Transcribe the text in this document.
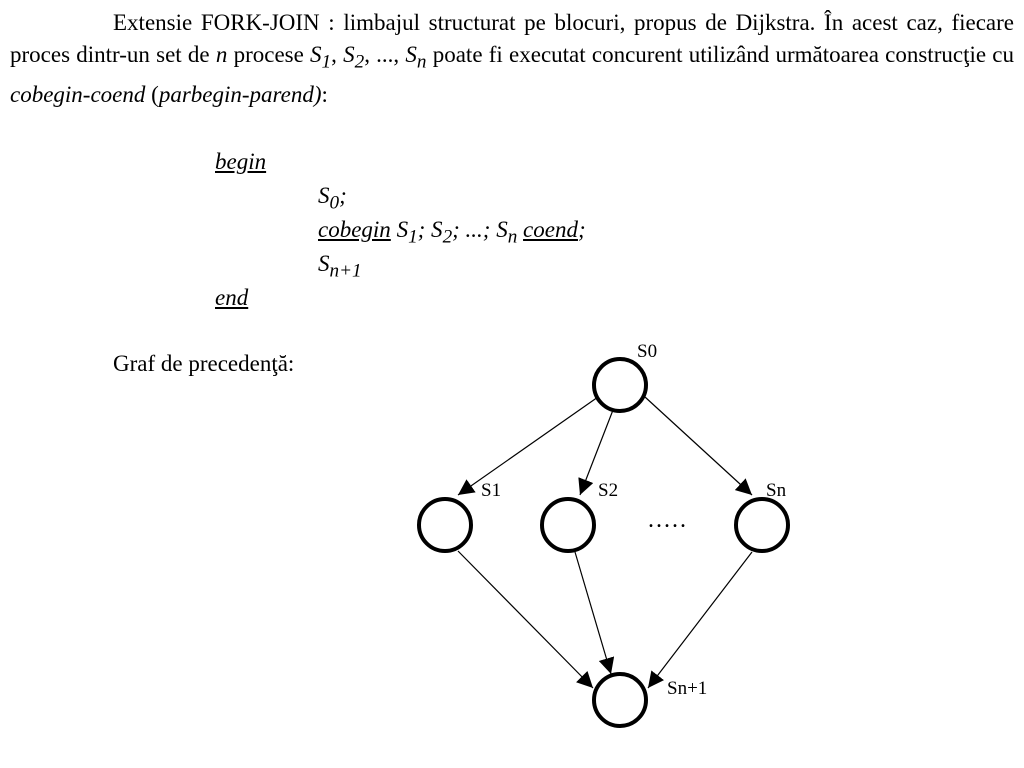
Extensie FORK-JOIN : limbajul structurat pe blocuri, propus de Dijkstra. În acest caz, fiecare proces dintr-un set de n procese $S_1$, $S_2$, ..., $S_n$ poate fi executat concurent utilizând următoarea construcţie cu cobegin-coend (parbegin-parend):

begin
$S_0$;
cobegin $S_1$; $S_2$; ...; $S_n$ coend;
$S_{n+1}$
end
Graf de precedenţă:	S0
S1	S2	Sn
Sn+1
.....
